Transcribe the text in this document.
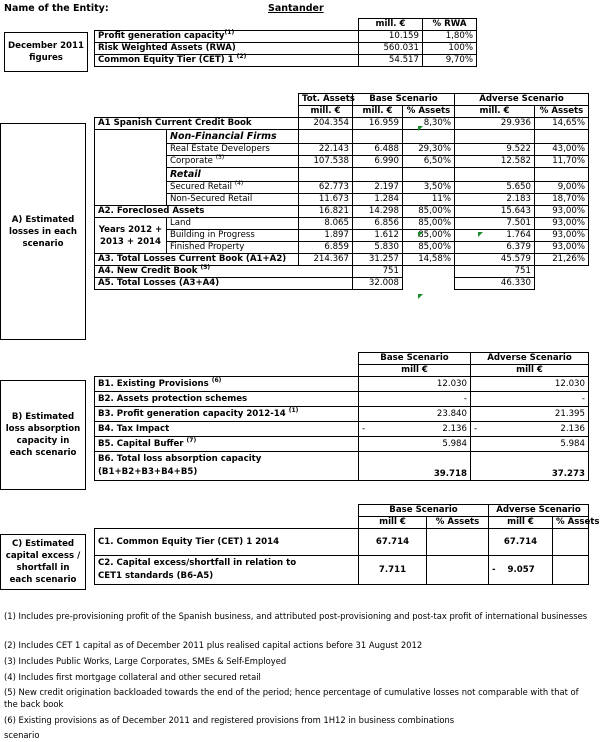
Name of the Entity:	Santander
December 2011 figures
	mill. €	% RWA
Profit generation capacity$^{(1)}$	10.159	1,80%
Risk Weighted Assets (RWA)	560.031	100%
Common Equity Tier (CET) 1 $^{(2)}$	54.517	9,70%
A) Estimated losses in each scenario
		Tot. Assets	Base Scenario		Adverse Scenario	
		mill. €	mill. €	% Assets	mill. €	% Assets
A1 Spanish Current Credit Book		204.354	16.959	8,30%	29.936	14,65%
	Non-Financial Firms					
	Real Estate Developers	22.143	6.488	29,30%	9.522	43,00%
	Corporate $^{(3)}$	107.538	6.990	6,50%	12.582	11,70%
	Retail					
	Secured Retail $^{(4)}$	62.773	2.197	3,50%	5.650	9,00%
	Non-Secured Retail	11.673	1.284	11%	2.183	18,70%
A2. Foreclosed Assets		16.821	14.298	85,00%	15.643	93,00%
Years 2012 + 2013 + 2014	Land	8.065	6.856	85,00%	7.501	93,00%
	Building in Progress	1.897	1.612	85,00%	1.764	93,00%
	Finished Property	6.859	5.830	85,00%	6.379	93,00%
A3. Total Losses Current Book (A1+A2)		214.367	31.257	14,58%	45.579	21,26%
A4. New Credit Book $^{(5)}$			751		751	
A5. Total Losses (A3+A4)			32.008		46.330	
B) Estimated loss absorption capacity in each scenario
	Base Scenario		Adverse Scenario	
	mill €		mill €	
B1. Existing Provisions $^{(6)}$		12.030		12.030
B2. Assets protection schemes		-		-
B3. Profit generation capacity 2012-14 $^{(1)}$		23.840		21.395
B4. Tax Impact	-	2.136	-	2.136
B5. Capital Buffer $^{(7)}$		5.984		5.984

B6. Total loss absorption capacity
(B1+B2+B3+B4+B5)		39.718		37.273
C) Estimated capital excess / shortfall in each scenario
	Base Scenario		Adverse Scenario	
	mill €	% Assets	mill €	% Assets
C1. Common Equity Tier (CET) 1 2014	67.714		67.714	

C2. Capital excess/shortfall in relation to
CET1 standards (B6-A5)	7.711		- 9.057	
(1) Includes pre-provisioning profit of the Spanish business, and attributed post-provisioning and post-tax profit of international businesses
(2) Includes CET 1 capital as of December 2011 plus realised capital actions before 31 August 2012
(3) Includes Public Works, Large Corporates, SMEs & Self-Employed
(4) Includes first mortgage collateral and other secured retail
(5) New credit origination backloaded towards the end of the period; hence percentage of cumulative losses not comparable with that of the back book
(6) Existing provisions as of December 2011 and registered provisions from 1H12 in business combinations
scenario
